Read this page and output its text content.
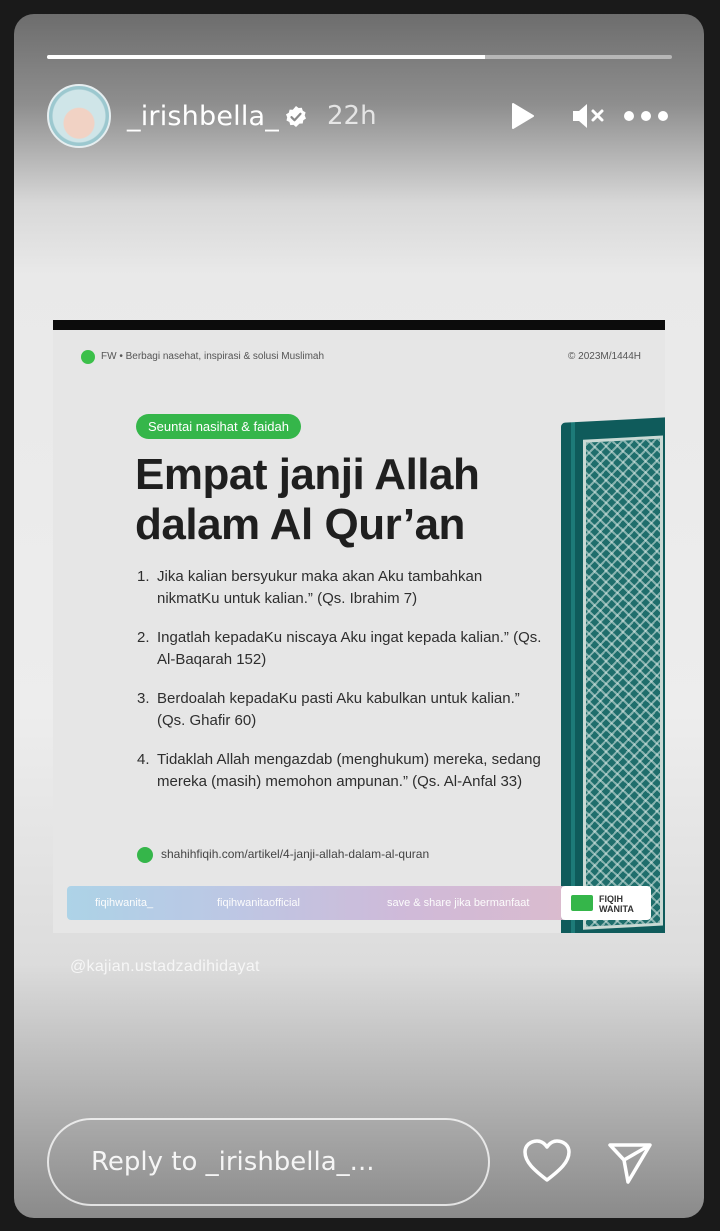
_irishbella_ 22h
FW • Berbagi nasehat, inspirasi & solusi Muslimah	© 2023M/1444H
Seuntai nasihat & faidah
Empat janji Allah dalam Al Qur’an
1. Jika kalian bersyukur maka akan Aku tambahkan nikmatKu untuk kalian.” (Qs. Ibrahim 7)
2. Ingatlah kepadaKu niscaya Aku ingat kepada kalian.” (Qs. Al-Baqarah 152)
3. Berdoalah kepadaKu pasti Aku kabulkan untuk kalian.” (Qs. Ghafir 60)
4. Tidaklah Allah mengazdab (menghukum) mereka, sedang mereka (masih) memohon ampunan.” (Qs. Al-Anfal 33)
shahihfiqih.com/artikel/4-janji-allah-dalam-al-quran
fiqihwanita_	fiqihwanitaofficial	save & share jika bermanfaat	FIQIH WANITA
@kajian.ustadzadihidayat
Reply to _irishbella_...
